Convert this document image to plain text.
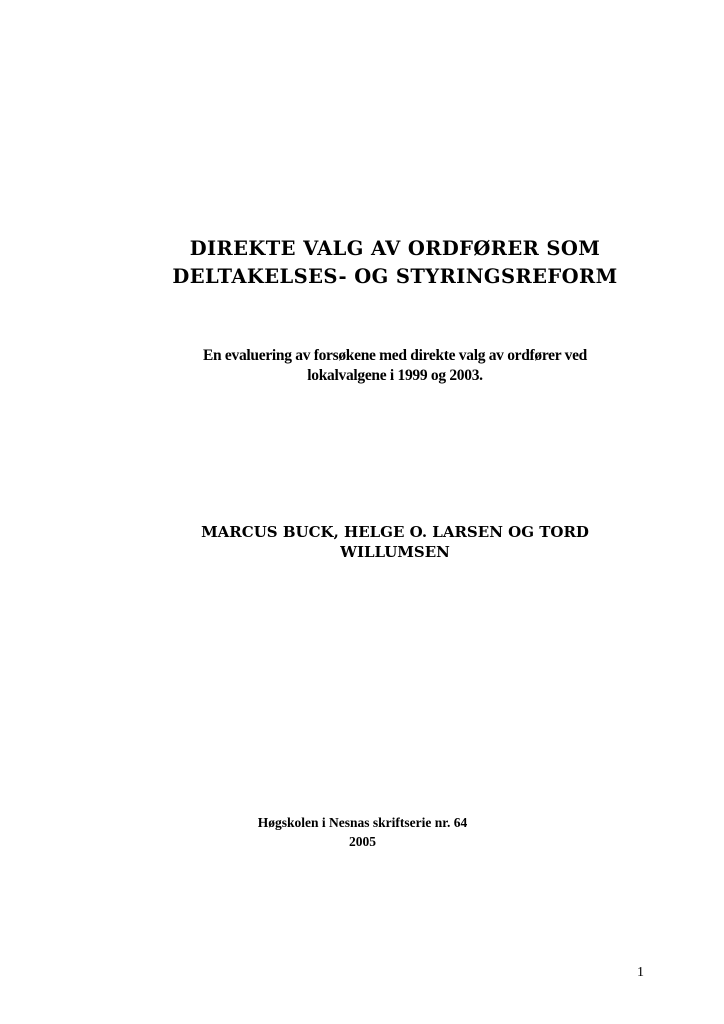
DIREKTE VALG AV ORDFØRER SOM
DELTAKELSES- OG STYRINGSREFORM

En evaluering av forsøkene med direkte valg av ordfører ved
lokalvalgene i 1999 og 2003.

MARCUS BUCK, HELGE O. LARSEN OG TORD
WILLUMSEN

Høgskolen i Nesnas skriftserie nr. 64
2005

1
